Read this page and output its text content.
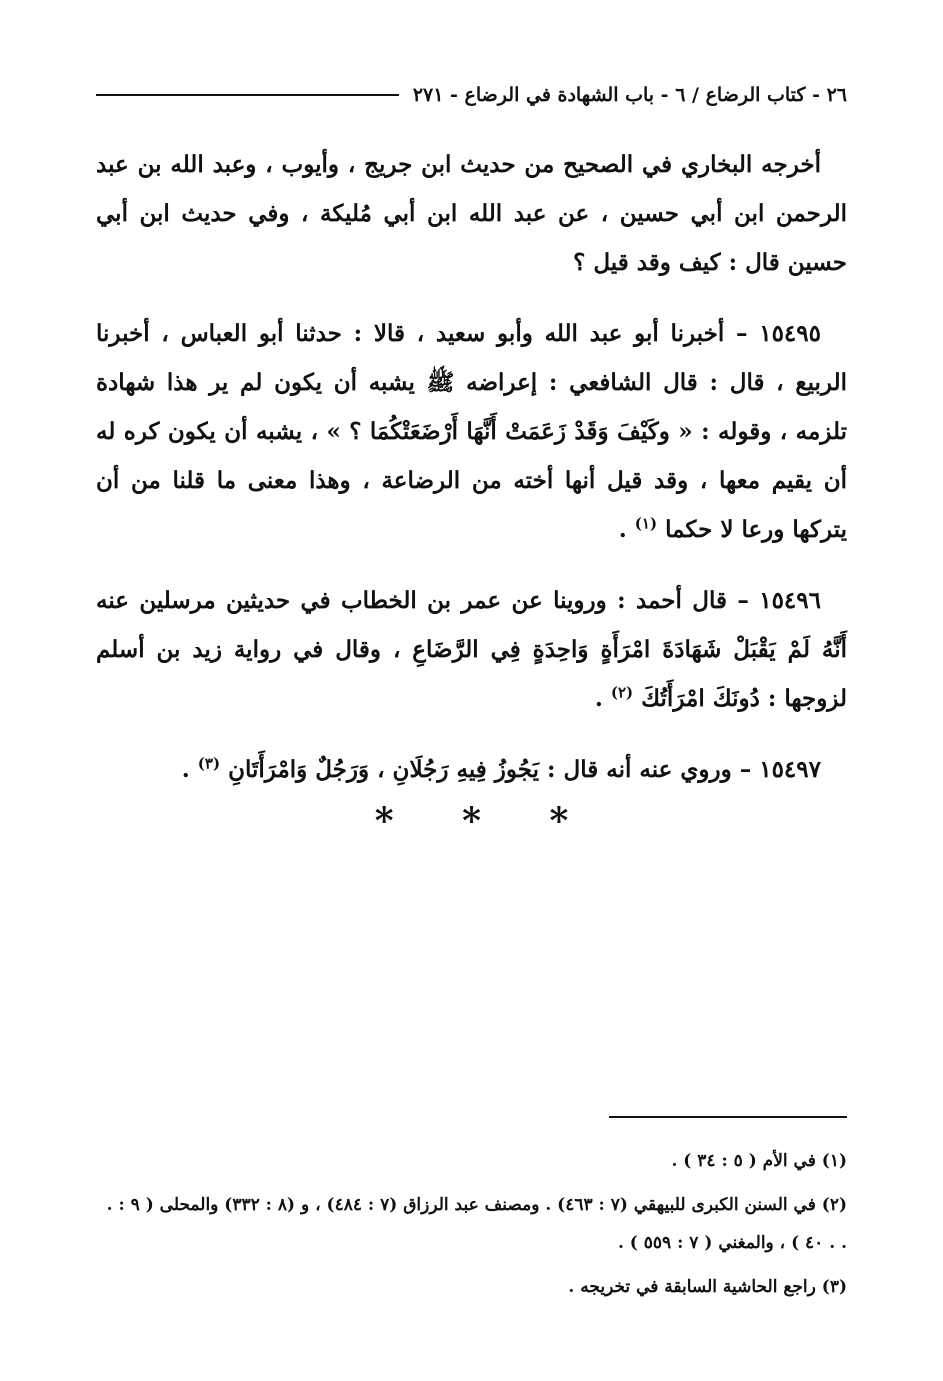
٢٦ - كتاب الرضاع / ٦ - باب الشهادة في الرضاع - ٢٧١

أخرجه البخاري في الصحيح من حديث ابن جريج ، وأيوب ، وعبد الله بن عبد الرحمن ابن أبي حسين ، عن عبد الله ابن أبي مُليكة ، وفي حديث ابن أبي حسين قال : كيف وقد قيل ؟

١٥٤٩٥ – أخبرنا أبو عبد الله وأبو سعيد ، قالا : حدثنا أبو العباس ، أخبرنا الربيع ، قال : قال الشافعي : إعراضه ﷺ يشبه أن يكون لم ير هذا شهادة تلزمه ، وقوله : « وكَيْفَ وَقَدْ زَعَمَتْ أَنَّهَا أَرْضَعَتْكُمَا ؟ » ، يشبه أن يكون كره له أن يقيم معها ، وقد قيل أنها أخته من الرضاعة ، وهذا معنى ما قلنا من أن يتركها ورعا لا حكما $^{(١)}$ .

١٥٤٩٦ – قال أحمد : وروينا عن عمر بن الخطاب في حديثين مرسلين عنه أَنَّهُ لَمْ يَقْبَلْ شَهَادَةَ امْرَأَةٍ وَاحِدَةٍ فِي الرَّضَاعِ ، وقال في رواية زيد بن أسلم لزوجها : دُونَكَ امْرَأَتُكَ $^{(٢)}$ .

١٥٤٩٧ – وروي عنه أنه قال : يَجُوزُ فِيهِ رَجُلَانِ ، وَرَجُلٌ وَامْرَأَتَانِ $^{(٣)}$ .

* * *

(١) في الأم ( ٥ : ٣٤ ) .

(٢) في السنن الكبرى للبيهقي (٧ : ٤٦٣) . ومصنف عبد الرزاق (٧ : ٤٨٤) ، و (٨ : ٣٣٢) والمحلى ( ٩ : . . . ٤٠ ) ، والمغني ( ٧ : ٥٥٩ ) .

(٣) راجع الحاشية السابقة في تخريجه .
